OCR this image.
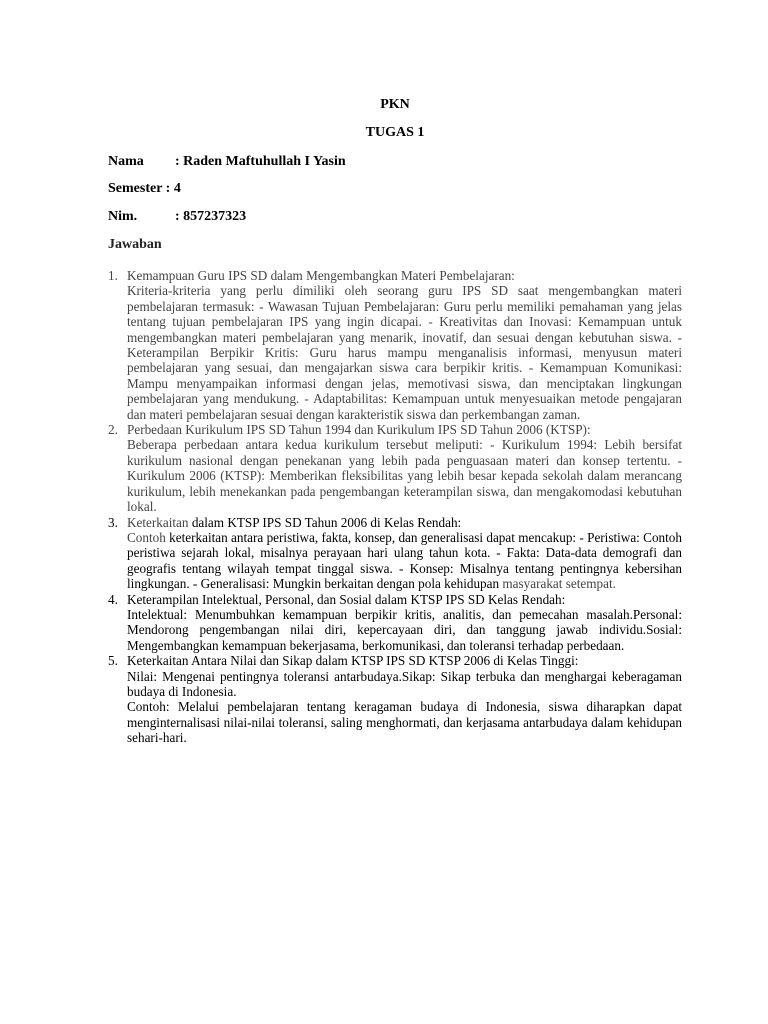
PKN
TUGAS 1
Nama : Raden Maftuhullah I Yasin
Semester : 4
Nim.	: 857237323
Jawaban
1. Kemampuan Guru IPS SD dalam Mengembangkan Materi Pembelajaran:
Kriteria-kriteria yang perlu dimiliki oleh seorang guru IPS SD saat mengembangkan materi pembelajaran termasuk: - Wawasan Tujuan Pembelajaran: Guru perlu memiliki pemahaman yang jelas tentang tujuan pembelajaran IPS yang ingin dicapai. - Kreativitas dan Inovasi: Kemampuan untuk mengembangkan materi pembelajaran yang menarik, inovatif, dan sesuai dengan kebutuhan siswa. - Keterampilan Berpikir Kritis: Guru harus mampu menganalisis informasi, menyusun materi pembelajaran yang sesuai, dan mengajarkan siswa cara berpikir kritis. - Kemampuan Komunikasi: Mampu menyampaikan informasi dengan jelas, memotivasi siswa, dan menciptakan lingkungan pembelajaran yang mendukung. - Adaptabilitas: Kemampuan untuk menyesuaikan metode pengajaran dan materi pembelajaran sesuai dengan karakteristik siswa dan perkembangan zaman.
2. Perbedaan Kurikulum IPS SD Tahun 1994 dan Kurikulum IPS SD Tahun 2006 (KTSP):
Beberapa perbedaan antara kedua kurikulum tersebut meliputi: - Kurikulum 1994: Lebih bersifat kurikulum nasional dengan penekanan yang lebih pada penguasaan materi dan konsep tertentu. - Kurikulum 2006 (KTSP): Memberikan fleksibilitas yang lebih besar kepada sekolah dalam merancang kurikulum, lebih menekankan pada pengembangan keterampilan siswa, dan mengakomodasi kebutuhan lokal.
3. Keterkaitan dalam KTSP IPS SD Tahun 2006 di Kelas Rendah:
Contoh keterkaitan antara peristiwa, fakta, konsep, dan generalisasi dapat mencakup: - Peristiwa: Contoh peristiwa sejarah lokal, misalnya perayaan hari ulang tahun kota. - Fakta: Data-data demografi dan geografis tentang wilayah tempat tinggal siswa. - Konsep: Misalnya tentang pentingnya kebersihan lingkungan. - Generalisasi: Mungkin berkaitan dengan pola kehidupan masyarakat setempat.
4. Keterampilan Intelektual, Personal, dan Sosial dalam KTSP IPS SD Kelas Rendah:
Intelektual: Menumbuhkan kemampuan berpikir kritis, analitis, dan pemecahan masalah.Personal: Mendorong pengembangan nilai diri, kepercayaan diri, dan tanggung jawab individu.Sosial: Mengembangkan kemampuan bekerjasama, berkomunikasi, dan toleransi terhadap perbedaan.
5. Keterkaitan Antara Nilai dan Sikap dalam KTSP IPS SD KTSP 2006 di Kelas Tinggi:
Nilai: Mengenai pentingnya toleransi antarbudaya.Sikap: Sikap terbuka dan menghargai keberagaman budaya di Indonesia.
Contoh: Melalui pembelajaran tentang keragaman budaya di Indonesia, siswa diharapkan dapat menginternalisasi nilai-nilai toleransi, saling menghormati, dan kerjasama antarbudaya dalam kehidupan sehari-hari.
